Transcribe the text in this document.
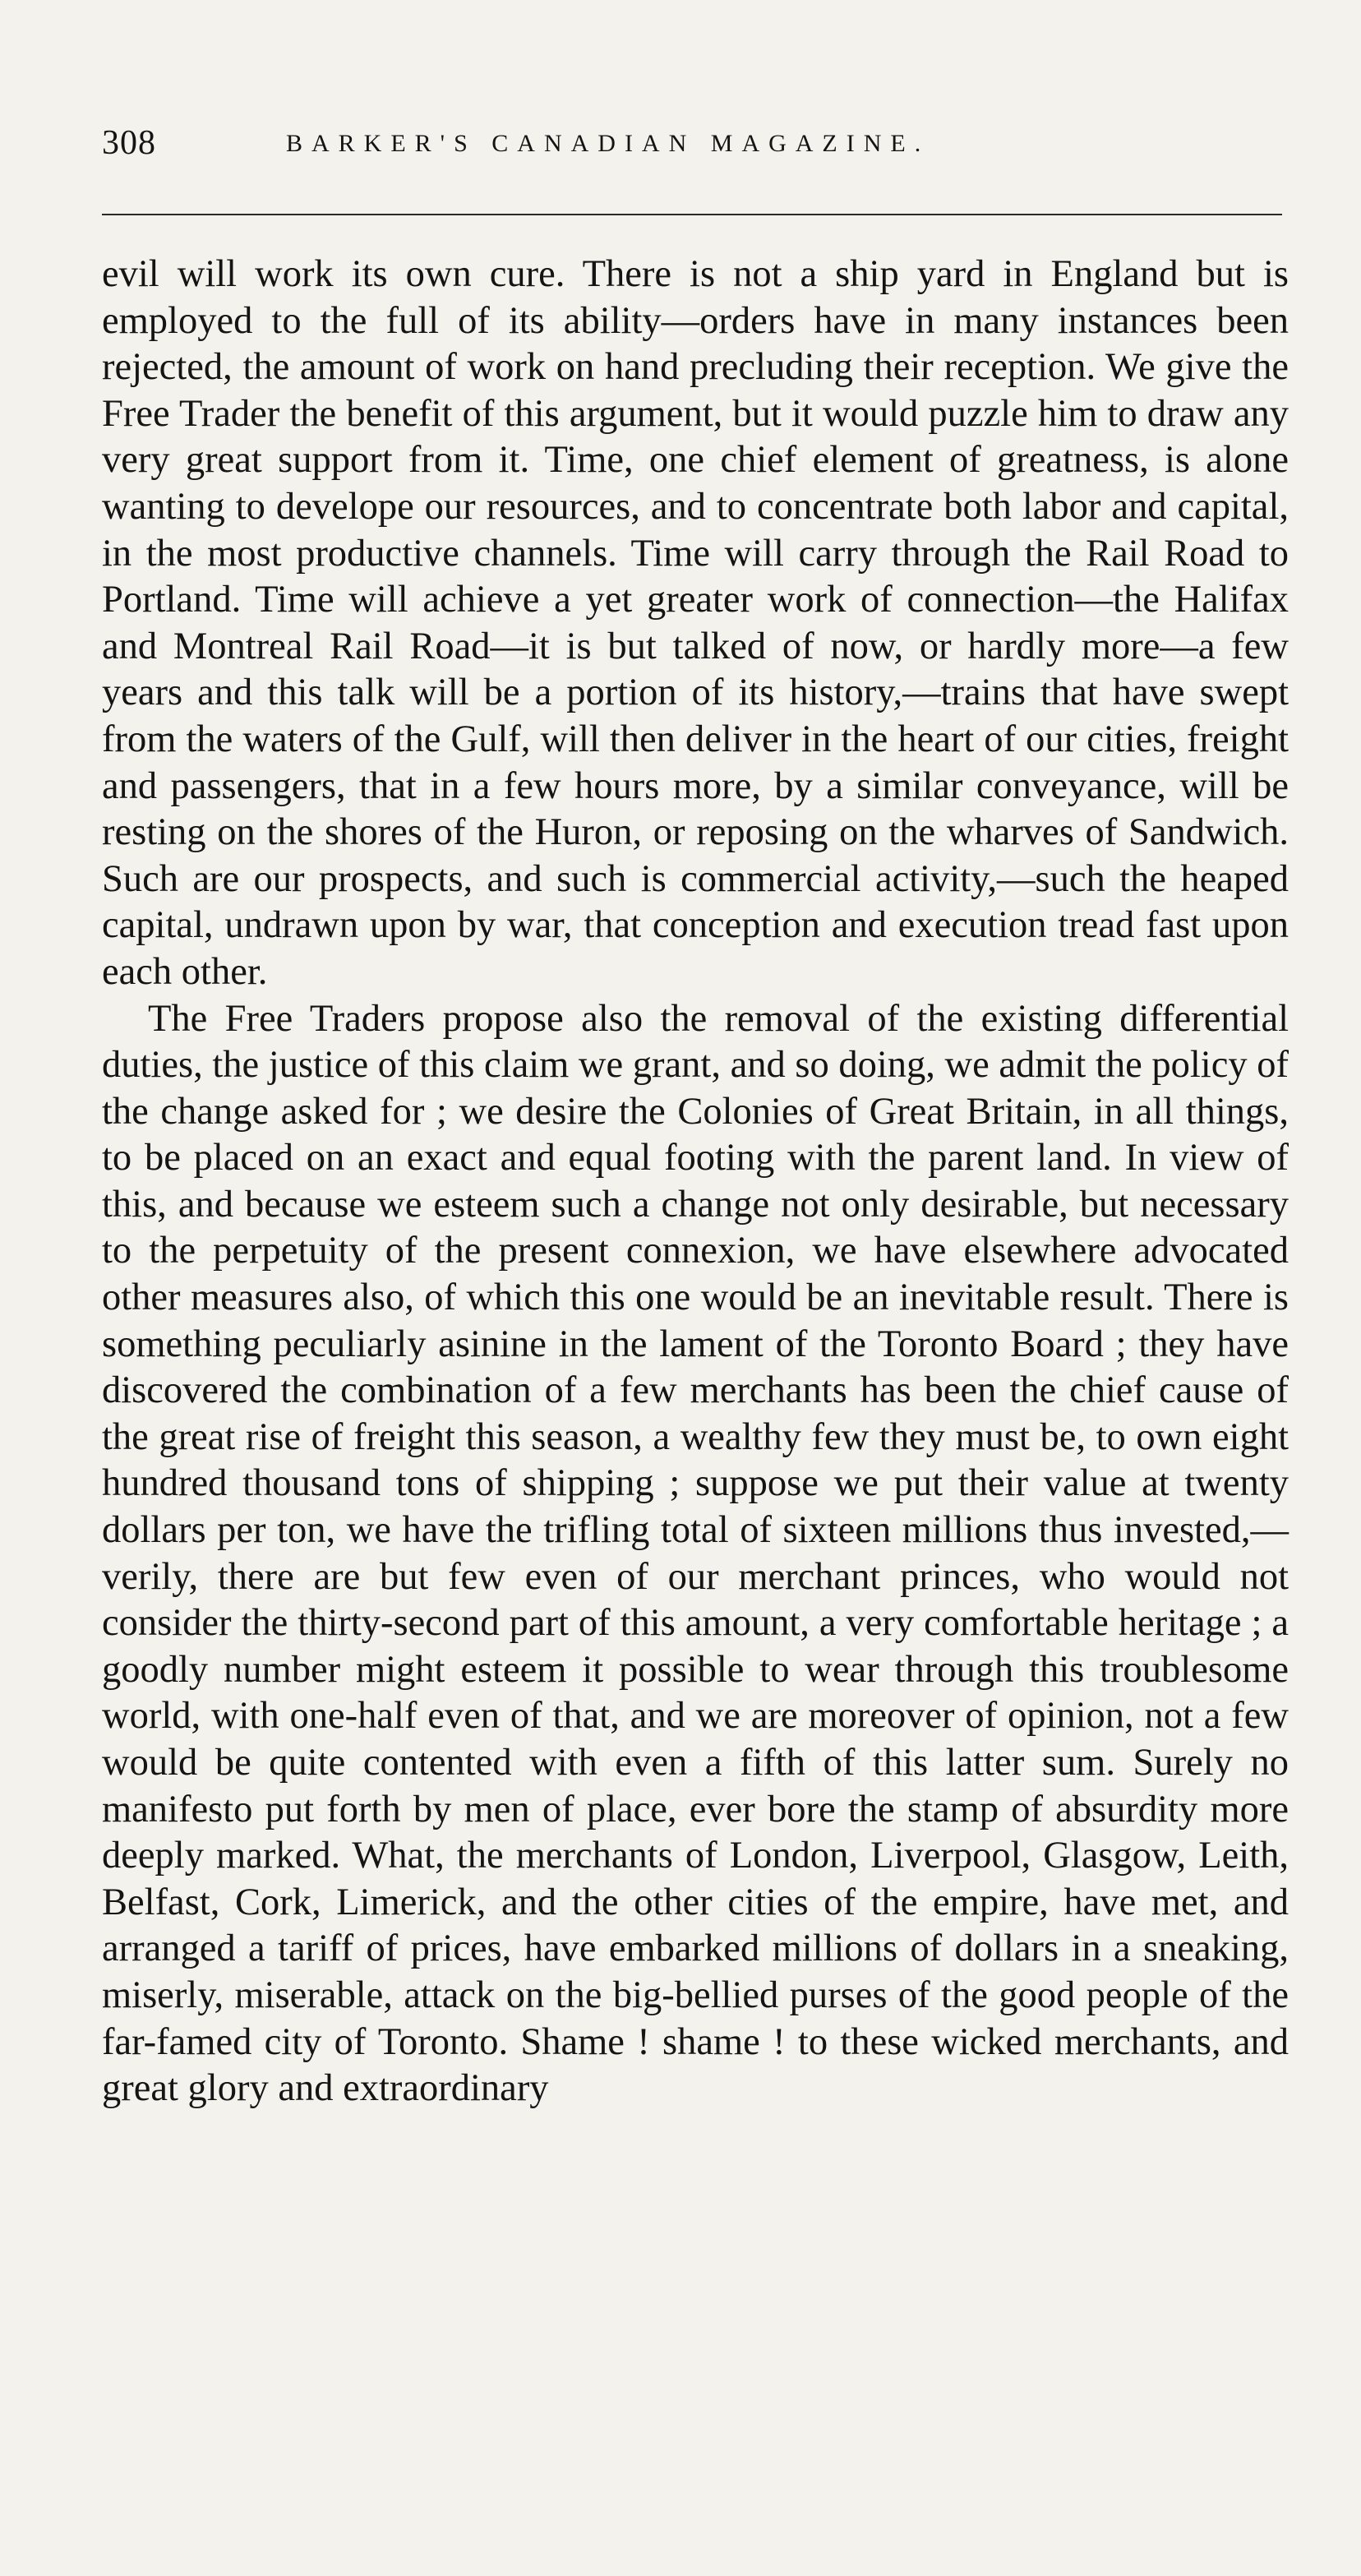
308	BARKER'S CANADIAN MAGAZINE.

evil will work its own cure. There is not a ship yard in England but is employed to the full of its ability—orders have in many instances been rejected, the amount of work on hand precluding their reception. We give the Free Trader the benefit of this argument, but it would puzzle him to draw any very great support from it. Time, one chief element of greatness, is alone wanting to develope our resources, and to concentrate both labor and capital, in the most productive channels. Time will carry through the Rail Road to Portland. Time will achieve a yet greater work of connection—the Halifax and Montreal Rail Road—it is but talked of now, or hardly more—a few years and this talk will be a portion of its history,—trains that have swept from the waters of the Gulf, will then deliver in the heart of our cities, freight and passengers, that in a few hours more, by a similar conveyance, will be resting on the shores of the Huron, or reposing on the wharves of Sandwich. Such are our prospects, and such is commercial activity,—such the heaped capital, undrawn upon by war, that conception and execution tread fast upon each other.

The Free Traders propose also the removal of the existing differential duties, the justice of this claim we grant, and so doing, we admit the policy of the change asked for ; we desire the Colonies of Great Britain, in all things, to be placed on an exact and equal footing with the parent land. In view of this, and because we esteem such a change not only desirable, but necessary to the perpetuity of the present connexion, we have elsewhere advocated other measures also, of which this one would be an inevitable result. There is something peculiarly asinine in the lament of the Toronto Board ; they have discovered the combination of a few merchants has been the chief cause of the great rise of freight this season, a wealthy few they must be, to own eight hundred thousand tons of shipping ; suppose we put their value at twenty dollars per ton, we have the trifling total of sixteen millions thus invested,—verily, there are but few even of our merchant princes, who would not consider the thirty-second part of this amount, a very comfortable heritage ; a goodly number might esteem it possible to wear through this troublesome world, with one-half even of that, and we are moreover of opinion, not a few would be quite contented with even a fifth of this latter sum. Surely no manifesto put forth by men of place, ever bore the stamp of absurdity more deeply marked. What, the merchants of London, Liverpool, Glasgow, Leith, Belfast, Cork, Limerick, and the other cities of the empire, have met, and arranged a tariff of prices, have embarked millions of dollars in a sneaking, miserly, miserable, attack on the big-bellied purses of the good people of the far-famed city of Toronto. Shame ! shame ! to these wicked merchants, and great glory and extraordinary
